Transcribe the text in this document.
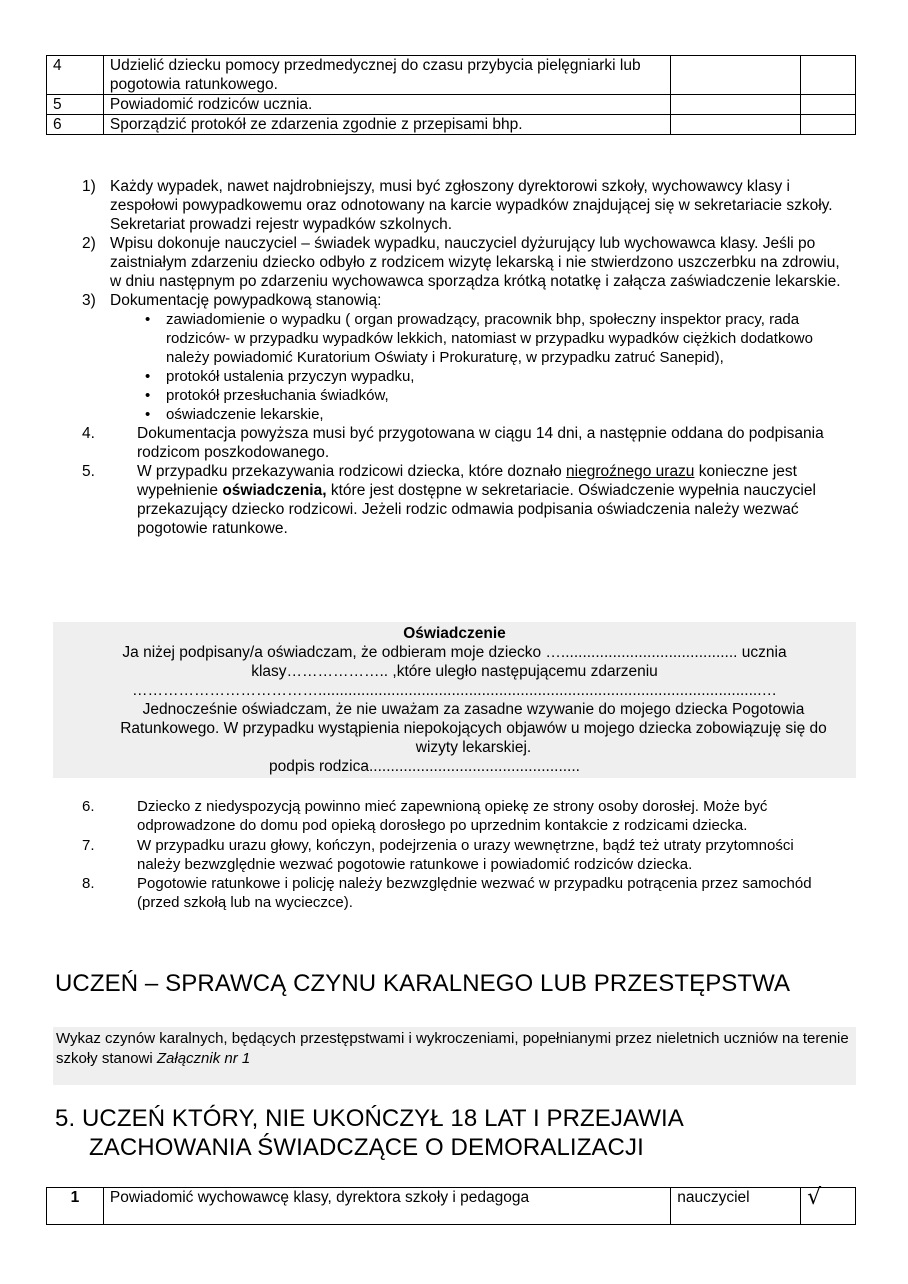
4	Udzielić dziecku pomocy przedmedycznej do czasu przybycia pielęgniarki lub pogotowia ratunkowego.		
5	Powiadomić rodziców ucznia.		
6	Sporządzić protokół ze zdarzenia zgodnie z przepisami bhp.		
1) Każdy wypadek, nawet najdrobniejszy, musi być zgłoszony dyrektorowi szkoły, wychowawcy klasy i zespołowi powypadkowemu oraz odnotowany na karcie wypadków znajdującej się w sekretariacie szkoły. Sekretariat prowadzi rejestr wypadków szkolnych.
2) Wpisu dokonuje nauczyciel – świadek wypadku, nauczyciel dyżurujący lub wychowawca klasy. Jeśli po zaistniałym zdarzeniu dziecko odbyło z rodzicem wizytę lekarską i nie stwierdzono uszczerbku na zdrowiu, w dniu następnym po zdarzeniu wychowawca sporządza krótką notatkę i załącza zaświadczenie lekarskie.
3) Dokumentację powypadkową stanowią:
• zawiadomienie o wypadku ( organ prowadzący, pracownik bhp, społeczny inspektor pracy, rada rodziców- w przypadku wypadków lekkich, natomiast w przypadku wypadków ciężkich dodatkowo należy powiadomić Kuratorium Oświaty i Prokuraturę, w przypadku zatruć Sanepid),
• protokół ustalenia przyczyn wypadku,
• protokół przesłuchania świadków,
• oświadczenie lekarskie,
4.	Dokumentacja powyższa musi być przygotowana w ciągu 14 dni, a następnie oddana do podpisania rodzicom poszkodowanego.
5.	W przypadku przekazywania rodzicowi dziecka, które doznało niegroźnego urazu konieczne jest wypełnienie oświadczenia, które jest dostępne w sekretariacie. Oświadczenie wypełnia nauczyciel przekazujący dziecko rodzicowi. Jeżeli rodzic odmawia podpisania oświadczenia należy wezwać pogotowie ratunkowe.
Oświadczenie
Ja niżej podpisany/a oświadczam, że odbieram moje dziecko …......................................... ucznia
klasy……………….. ,które uległo następującemu zdarzeniu
……………………………….......................................................................................................…
Jednocześnie oświadczam, że nie uważam za zasadne wzywanie do mojego dziecka Pogotowia Ratunkowego. W przypadku wystąpienia niepokojących objawów u mojego dziecka zobowiązuję się do wizyty lekarskiej.
podpis rodzica.................................................
6.	Dziecko z niedyspozycją powinno mieć zapewnioną opiekę ze strony osoby dorosłej. Może być odprowadzone do domu pod opieką dorosłego po uprzednim kontakcie z rodzicami dziecka.
7.	W przypadku urazu głowy, kończyn, podejrzenia o urazy wewnętrzne, bądź też utraty przytomności należy bezwzględnie wezwać pogotowie ratunkowe i powiadomić rodziców dziecka.
8.	Pogotowie ratunkowe i policję należy bezwzględnie wezwać w przypadku potrącenia przez samochód (przed szkołą lub na wycieczce).
UCZEŃ – SPRAWCĄ CZYNU KARALNEGO LUB PRZESTĘPSTWA
Wykaz czynów karalnych, będących przestępstwami i wykroczeniami, popełnianymi przez nieletnich uczniów na terenie szkoły stanowi Załącznik nr 1
5. UCZEŃ KTÓRY, NIE UKOŃCZYŁ 18 LAT I PRZEJAWIA
ZACHOWANIA ŚWIADCZĄCE O DEMORALIZACJI
1	Powiadomić wychowawcę klasy, dyrektora szkoły i pedagoga	nauczyciel	√
